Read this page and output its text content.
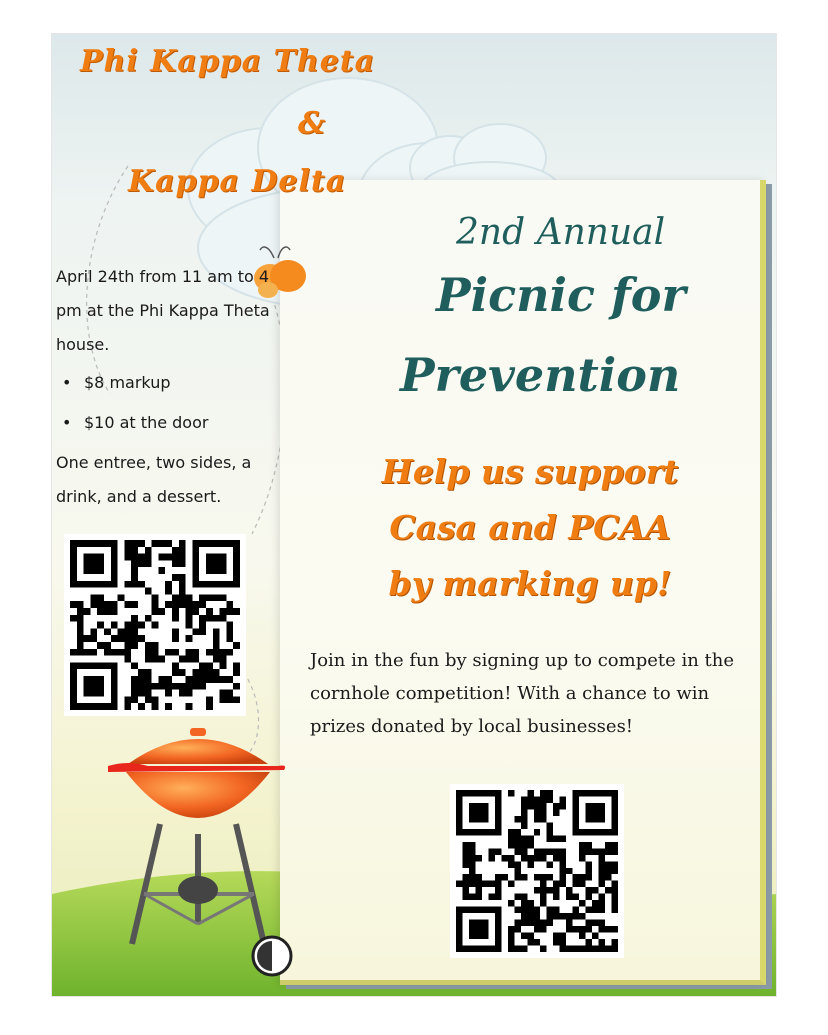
Phi Kappa Theta
&
Kappa Delta
2nd Annual
Picnic for
Prevention

April 24th from 11 am to 4 pm at the Phi Kappa Theta house.

• $8 markup
• $10 at the door

One entree, two sides, a drink, and a dessert.

Help us support
Casa and PCAA
by marking up!
Join in the fun by signing up to compete in the cornhole competition! With a chance to win prizes donated by local businesses!
